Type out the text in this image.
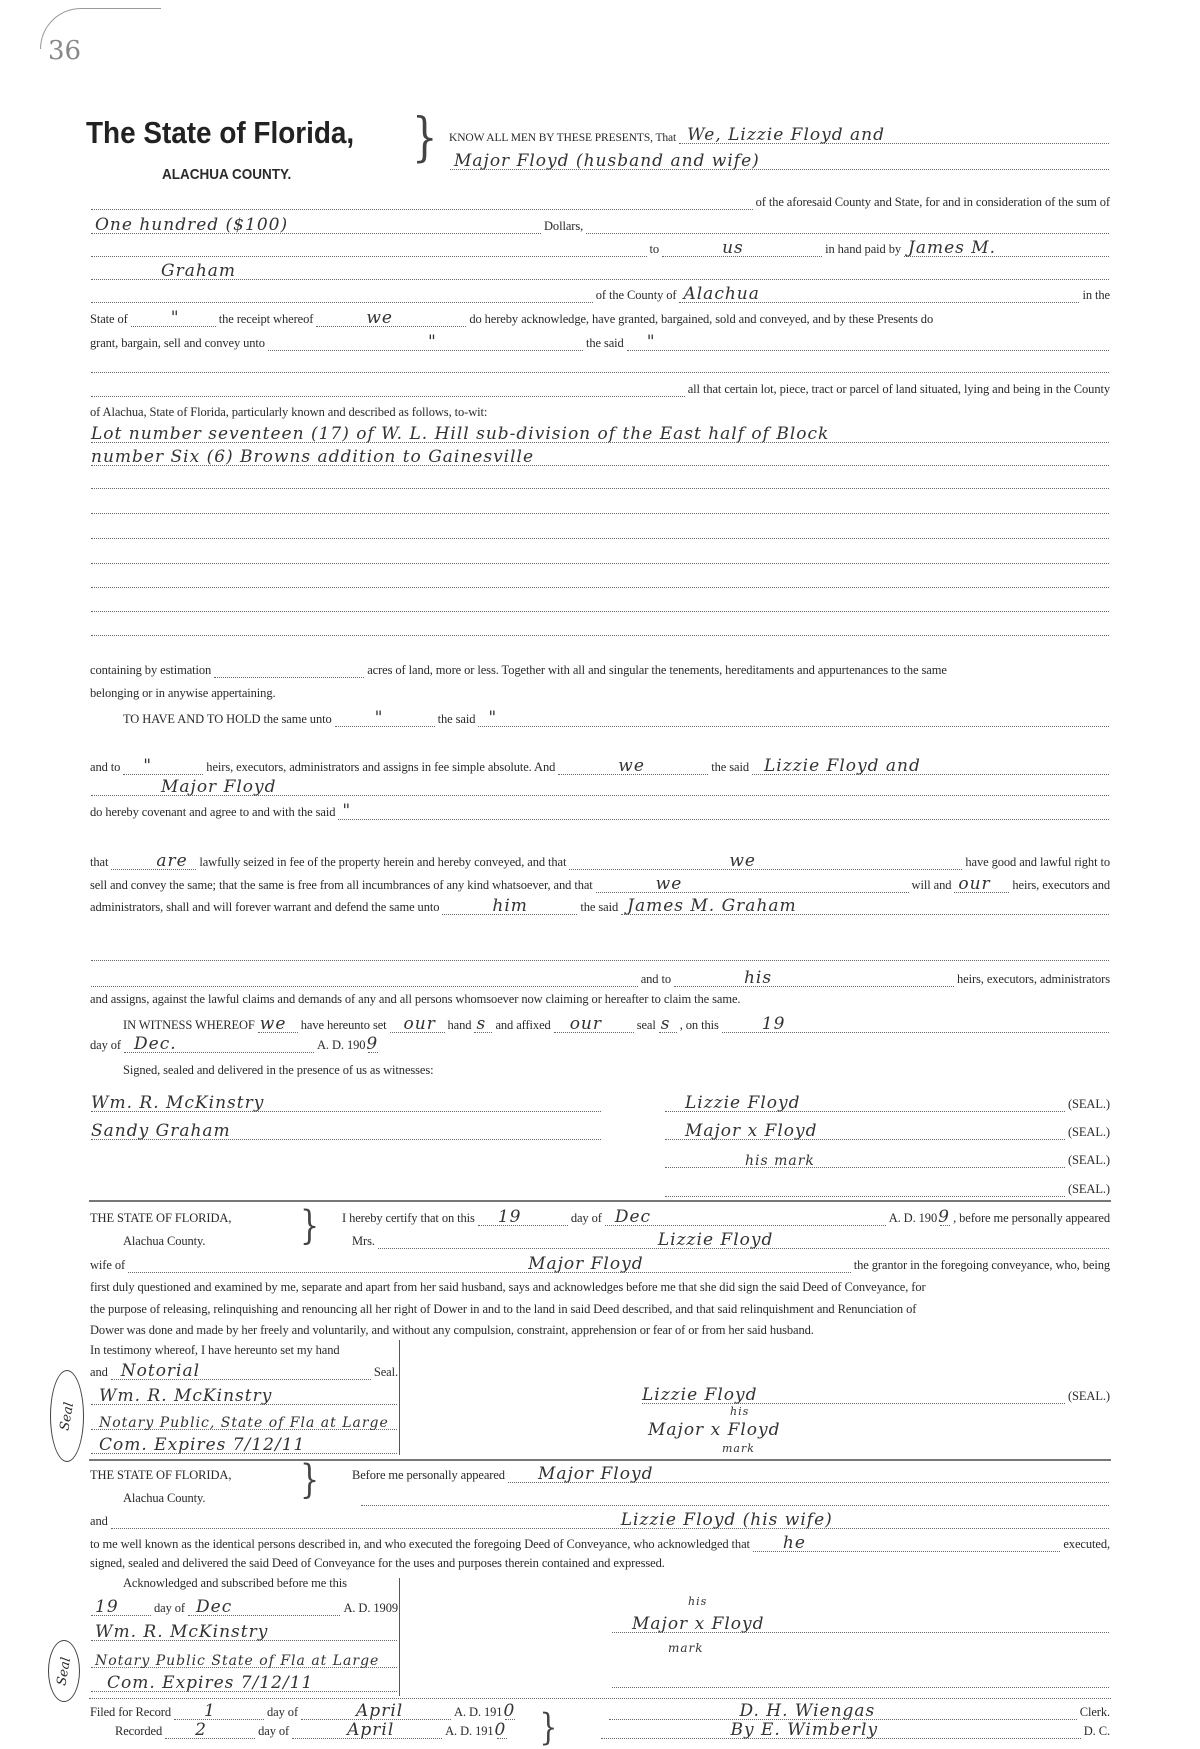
36
The State of Florida,
ALACHUA COUNTY.
} KNOW ALL MEN BY THESE PRESENTS, That We, Lizzie Floyd and
Major Floyd (husband and wife)
of the aforesaid County and State, for and in consideration of the sum of
One hundred ($100)	Dollars,
to	us	in hand paid by James M.
Graham
of the County of Alachua	in the
State of	"	the receipt whereof	we	do hereby acknowledge, have granted, bargained, sold and conveyed, and by these Presents do
grant, bargain, sell and convey unto	"	the said "
all that certain lot, piece, tract or parcel of land situated, lying and being in the County
of Alachua, State of Florida, particularly known and described as follows, to-wit:
Lot number seventeen (17) of W. L. Hill sub-division of the East half of Block
number Six (6) Browns addition to Gainesville
containing by estimation	acres of land, more or less. Together with all and singular the tenements, hereditaments and appurtenances to the same
belonging or in anywise appertaining.
TO HAVE AND TO HOLD the same unto	"	the said "
and to "	heirs, executors, administrators and assigns in fee simple absolute. And	we	the said Lizzie Floyd and
Major Floyd
do hereby covenant and agree to and with the said "
that	are lawfully seized in fee of the property herein and hereby conveyed, and that	we	have good and lawful right to
sell and convey the same; that the same is free from all incumbrances of any kind whatsoever, and that	we	will and our heirs, executors and
administrators, shall and will forever warrant and defend the same unto	him	the said James M. Graham
and to	his	heirs, executors, administrators
and assigns, against the lawful claims and demands of any and all persons whomsoever now claiming or hereafter to claim the same.
IN WITNESS WHEREOF we have hereunto set our hand s and affixed our	seal s , on this	19
day of Dec.	A. D. 190 9
Signed, sealed and delivered in the presence of us as witnesses:
Wm. R. McKinstry	Lizzie Floyd	(SEAL.)
Sandy Graham	Major x Floyd	(SEAL.)
his mark	(SEAL.)
(SEAL.)
THE STATE OF FLORIDA,	I hereby certify that on this 19	day of Dec	A. D. 190 9 , before me personally appeared
}
Alachua County.	Mrs.	Lizzie Floyd
wife of	Major Floyd	the grantor in the foregoing conveyance, who, being
first duly questioned and examined by me, separate and apart from her said husband, says and acknowledges before me that she did sign the said Deed of Conveyance, for
the purpose of releasing, relinquishing and renouncing all her right of Dower in and to the land in said Deed described, and that said relinquishment and Renunciation of
Dower was done and made by her freely and voluntarily, and without any compulsion, constraint, apprehension or fear of or from her said husband.
In testimony whereof, I have hereunto set my hand
and Notorial	Seal.
Wm. R. McKinstry
Notary Public, State of Fla at Large
Com. Expires 7/12/11
Seal
Lizzie Floyd	(SEAL.)
Major x Floyd
his
mark
THE STATE OF FLORIDA,	Before me personally appeared Major Floyd
}
Alachua County.
and	Lizzie Floyd (his wife)
to me well known as the identical persons described in, and who executed the foregoing Deed of Conveyance, who acknowledged that he	executed,
signed, sealed and delivered the said Deed of Conveyance for the uses and purposes therein contained and expressed.
Acknowledged and subscribed before me this
19	day of Dec	A. D. 1909
Wm. R. McKinstry
Notary Public State of Fla at Large
Com. Expires 7/12/11
Seal
Major x Floyd
his
mark
Filed for Record 1	day of	April	A. D. 191 0 }	D. H. Wiengas	Clerk.
Recorded 2	day of	April	A. D. 191 0	By E. Wimberly	D. C.
